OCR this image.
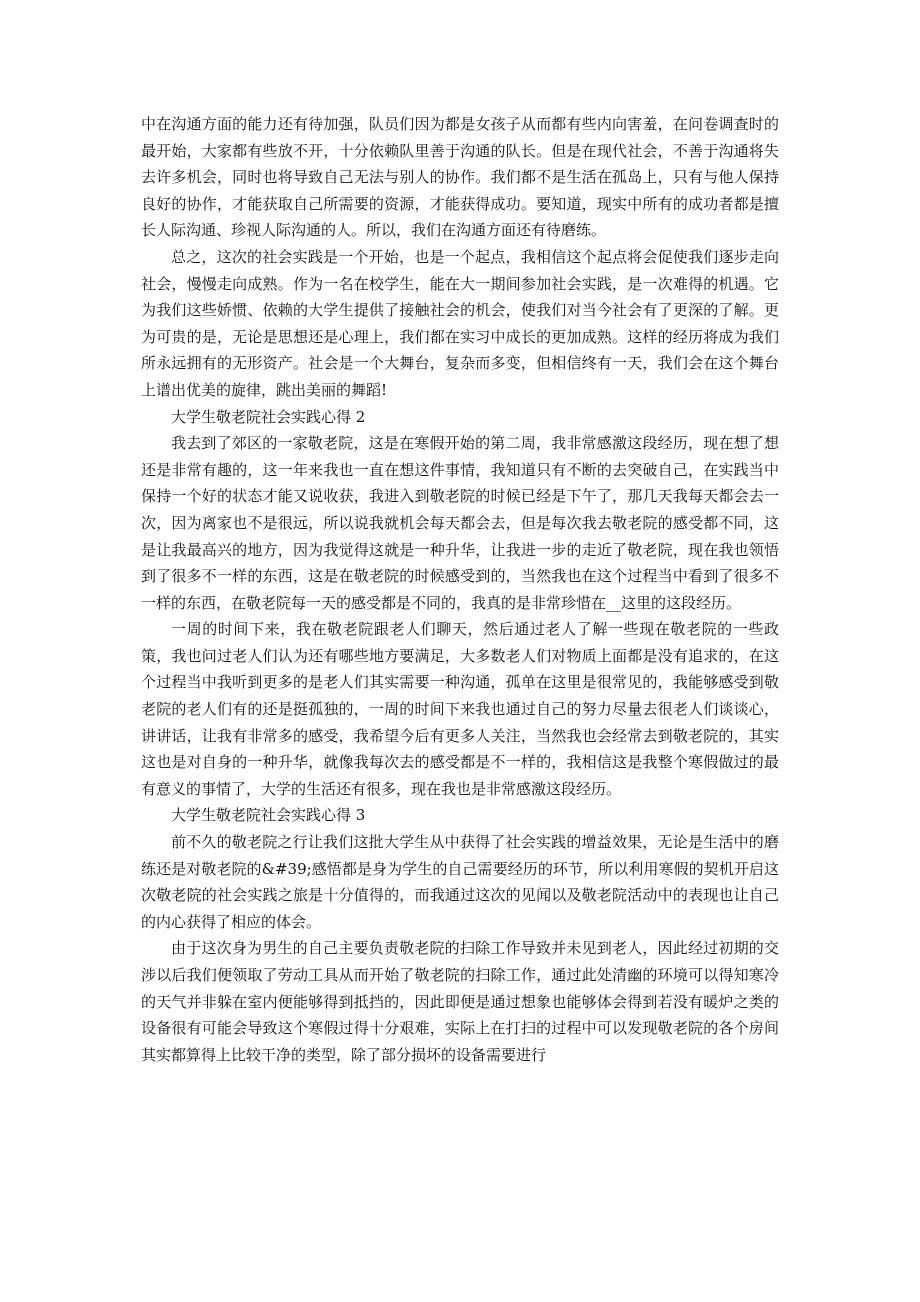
中在沟通方面的能力还有待加强，队员们因为都是女孩子从而都有些内向害羞，在问卷调查时的最开始，大家都有些放不开，十分依赖队里善于沟通的队长。但是在现代社会，不善于沟通将失去许多机会，同时也将导致自己无法与别人的协作。我们都不是生活在孤岛上，只有与他人保持良好的协作，才能获取自己所需要的资源，才能获得成功。要知道，现实中所有的成功者都是擅长人际沟通、珍视人际沟通的人。所以，我们在沟通方面还有待磨练。

总之，这次的社会实践是一个开始，也是一个起点，我相信这个起点将会促使我们逐步走向社会，慢慢走向成熟。作为一名在校学生，能在大一期间参加社会实践，是一次难得的机遇。它为我们这些娇惯、依赖的大学生提供了接触社会的机会，使我们对当今社会有了更深的了解。更为可贵的是，无论是思想还是心理上，我们都在实习中成长的更加成熟。这样的经历将成为我们所永远拥有的无形资产。社会是一个大舞台，复杂而多变，但相信终有一天，我们会在这个舞台上谱出优美的旋律，跳出美丽的舞蹈!

大学生敬老院社会实践心得 2

我去到了郊区的一家敬老院，这是在寒假开始的第二周，我非常感激这段经历，现在想了想还是非常有趣的，这一年来我也一直在想这件事情，我知道只有不断的去突破自己，在实践当中保持一个好的状态才能又说收获，我进入到敬老院的时候已经是下午了，那几天我每天都会去一次，因为离家也不是很远，所以说我就机会每天都会去，但是每次我去敬老院的感受都不同，这是让我最高兴的地方，因为我觉得这就是一种升华，让我进一步的走近了敬老院，现在我也领悟到了很多不一样的东西，这是在敬老院的时候感受到的，当然我也在这个过程当中看到了很多不一样的东西，在敬老院每一天的感受都是不同的，我真的是非常珍惜在__这里的这段经历。

一周的时间下来，我在敬老院跟老人们聊天，然后通过老人了解一些现在敬老院的一些政策，我也问过老人们认为还有哪些地方要满足，大多数老人们对物质上面都是没有追求的，在这个过程当中我听到更多的是老人们其实需要一种沟通，孤单在这里是很常见的，我能够感受到敬老院的老人们有的还是挺孤独的，一周的时间下来我也通过自己的努力尽量去很老人们谈谈心，讲讲话，让我有非常多的感受，我希望今后有更多人关注，当然我也会经常去到敬老院的，其实这也是对自身的一种升华，就像我每次去的感受都是不一样的，我相信这是我整个寒假做过的最有意义的事情了，大学的生活还有很多，现在我也是非常感激这段经历。

大学生敬老院社会实践心得 3

前不久的敬老院之行让我们这批大学生从中获得了社会实践的增益效果，无论是生活中的磨练还是对敬老院的&#39;感悟都是身为学生的自己需要经历的环节，所以利用寒假的契机开启这次敬老院的社会实践之旅是十分值得的，而我通过这次的见闻以及敬老院活动中的表现也让自己的内心获得了相应的体会。

由于这次身为男生的自己主要负责敬老院的扫除工作导致并未见到老人，因此经过初期的交涉以后我们便领取了劳动工具从而开始了敬老院的扫除工作，通过此处清幽的环境可以得知寒冷的天气并非躲在室内便能够得到抵挡的，因此即便是通过想象也能够体会得到若没有暖炉之类的设备很有可能会导致这个寒假过得十分艰难，实际上在打扫的过程中可以发现敬老院的各个房间其实都算得上比较干净的类型，除了部分损坏的设备需要进行
